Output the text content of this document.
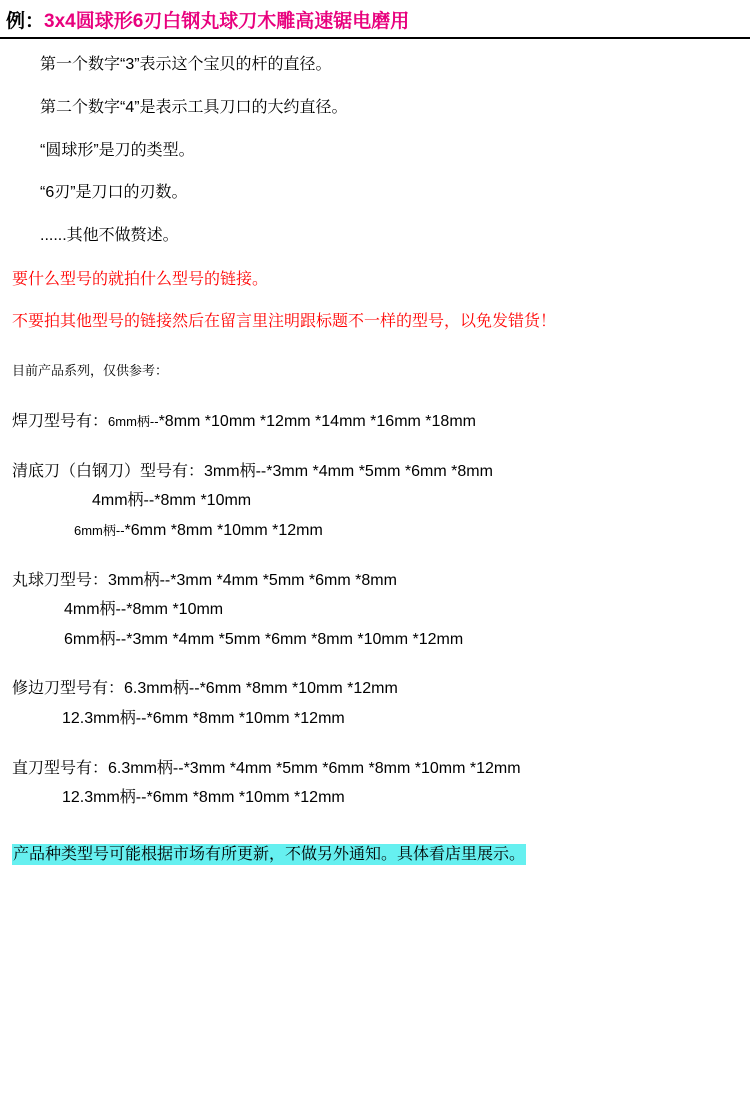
例： 3x4圆球形6刃白钢丸球刀木雕高速锯电磨用
第一个数字“3”表示这个宝贝的杆的直径。
第二个数字“4”是表示工具刀口的大约直径。
“圆球形”是刀的类型。
“6刃”是刀口的刃数。
......其他不做赘述。
要什么型号的就拍什么型号的链接。
不要拍其他型号的链接然后在留言里注明跟标题不一样的型号，以免发错货！
目前产品系列，仅供参考：
焊刀型号有：6mm柄--*8mm *10mm *12mm *14mm *16mm *18mm
清底刀（白钢刀）型号有：3mm柄--*3mm *4mm *5mm *6mm *8mm
4mm柄--*8mm *10mm
6mm柄--*6mm *8mm *10mm *12mm
丸球刀型号：3mm柄--*3mm *4mm *5mm *6mm *8mm
4mm柄--*8mm *10mm
6mm柄--*3mm *4mm *5mm *6mm *8mm *10mm *12mm
修边刀型号有：6.3mm柄--*6mm *8mm *10mm *12mm
12.3mm柄--*6mm *8mm *10mm *12mm
直刀型号有：6.3mm柄--*3mm *4mm *5mm *6mm *8mm *10mm *12mm
12.3mm柄--*6mm *8mm *10mm *12mm
产品种类型号可能根据市场有所更新，不做另外通知。具体看店里展示。
